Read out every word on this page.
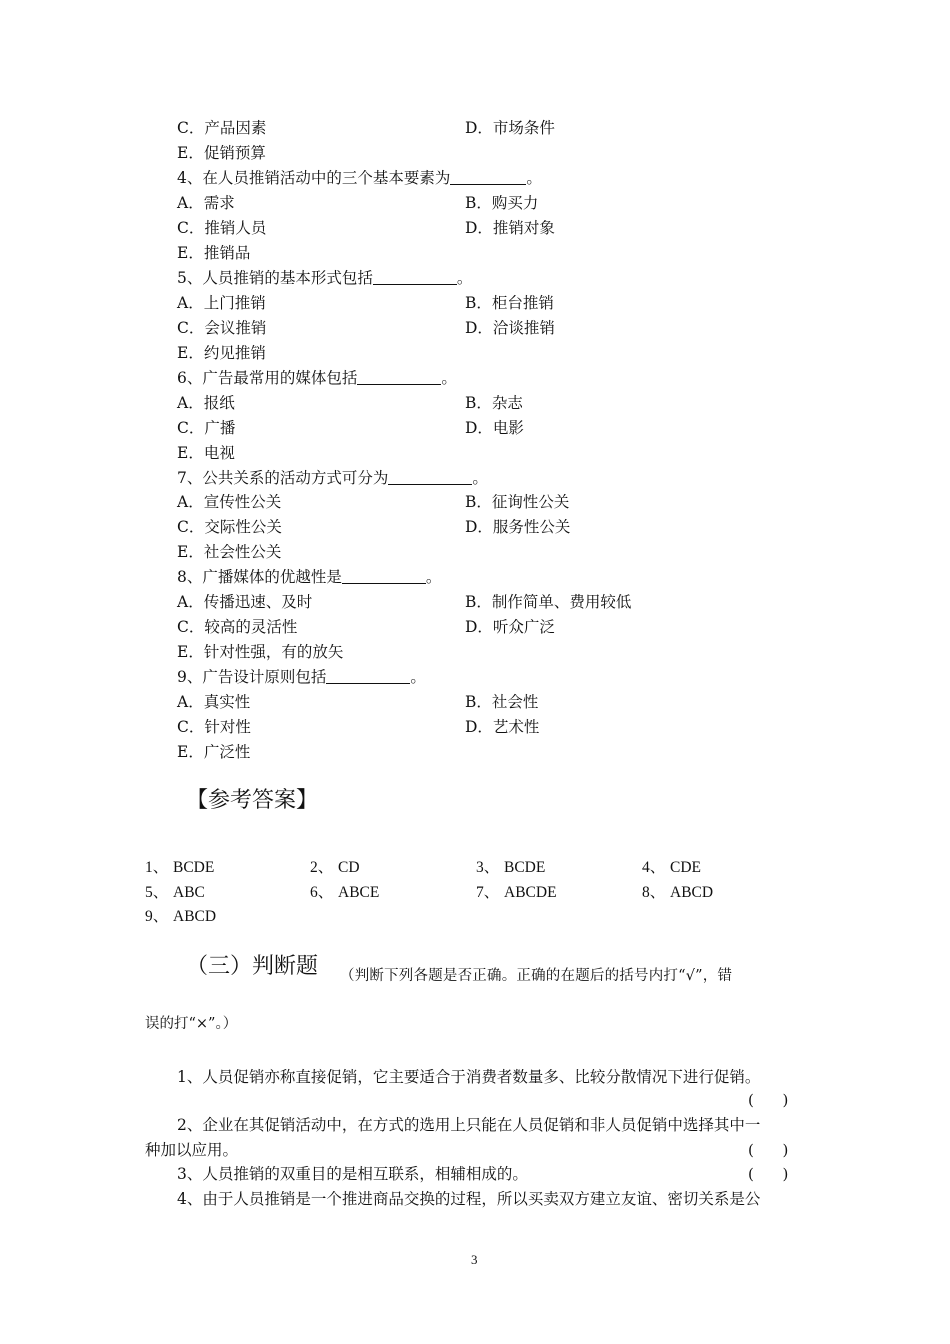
C．产品因素	D．市场条件
E．促销预算
4、在人员推销活动中的三个基本要素为	。
A．需求	B．购买力
C．推销人员	D．推销对象
E．推销品
5、人员推销的基本形式包括	。
A．上门推销	B．柜台推销
C．会议推销	D．洽谈推销
E．约见推销
6、广告最常用的媒体包括	。
A．报纸	B．杂志
C．广播	D．电影
E．电视
7、公共关系的活动方式可分为	。
A．宣传性公关	B．征询性公关
C．交际性公关	D．服务性公关
E．社会性公关
8、广播媒体的优越性是	。
A．传播迅速、及时	B．制作简单、费用较低
C．较高的灵活性	D．听众广泛
E．针对性强，有的放矢
9、广告设计原则包括	。
A．真实性	B．社会性
C．针对性	D．艺术性
E．广泛性
【参考答案】
1、 BCDE	2、 CD	3、 BCDE	4、 CDE
5、 ABC	6、 ABCE	7、 ABCDE	8、 ABCD
9、 ABCD
（三）判断题 （判断下列各题是否正确。正确的在题后的括号内打“√”，错
误的打“×”。）
1、人员促销亦称直接促销，它主要适合于消费者数量多、比较分散情况下进行促销。
(      )
2、企业在其促销活动中，在方式的选用上只能在人员促销和非人员促销中选择其中一
种加以应用。	(      )
3、人员推销的双重目的是相互联系，相辅相成的。	(      )
4、由于人员推销是一个推进商品交换的过程，所以买卖双方建立友谊、密切关系是公
3
